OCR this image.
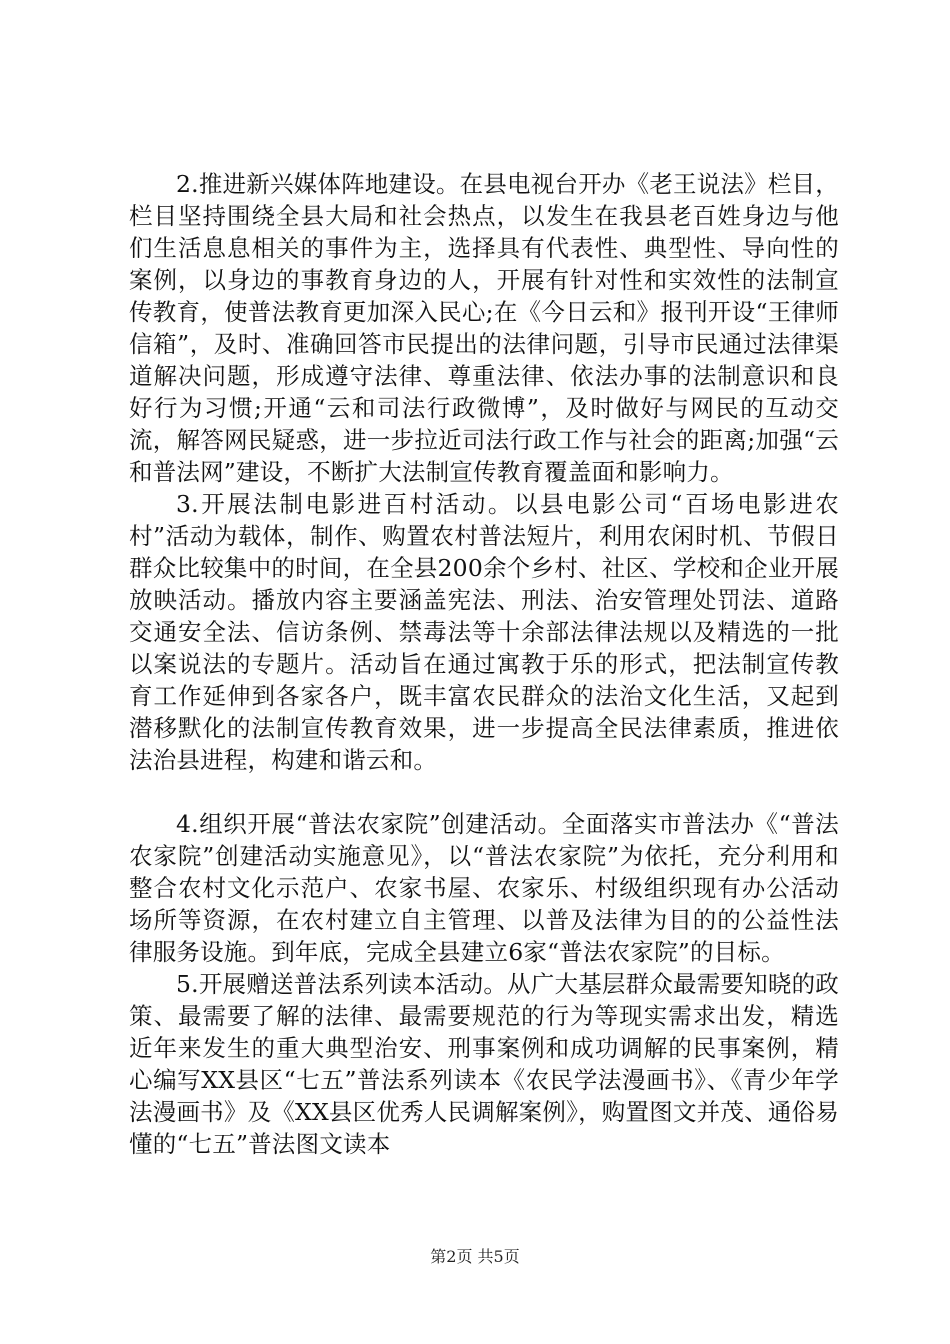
2.推进新兴媒体阵地建设。在县电视台开办《老王说法》栏目，栏目坚持围绕全县大局和社会热点，以发生在我县老百姓身边与他们生活息息相关的事件为主，选择具有代表性、典型性、导向性的案例，以身边的事教育身边的人，开展有针对性和实效性的法制宣传教育，使普法教育更加深入民心;在《今日云和》报刊开设“王律师信箱”，及时、准确回答市民提出的法律问题，引导市民通过法律渠道解决问题，形成遵守法律、尊重法律、依法办事的法制意识和良好行为习惯;开通“云和司法行政微博”，及时做好与网民的互动交流，解答网民疑惑，进一步拉近司法行政工作与社会的距离;加强“云和普法网”建设，不断扩大法制宣传教育覆盖面和影响力。

3.开展法制电影进百村活动。以县电影公司“百场电影进农村”活动为载体，制作、购置农村普法短片，利用农闲时机、节假日群众比较集中的时间，在全县200余个乡村、社区、学校和企业开展放映活动。播放内容主要涵盖宪法、刑法、治安管理处罚法、道路交通安全法、信访条例、禁毒法等十余部法律法规以及精选的一批以案说法的专题片。活动旨在通过寓教于乐的形式，把法制宣传教育工作延伸到各家各户，既丰富农民群众的法治文化生活，又起到潜移默化的法制宣传教育效果，进一步提高全民法律素质，推进依法治县进程，构建和谐云和。

4.组织开展“普法农家院”创建活动。全面落实市普法办《“普法农家院”创建活动实施意见》，以“普法农家院”为依托，充分利用和整合农村文化示范户、农家书屋、农家乐、村级组织现有办公活动场所等资源，在农村建立自主管理、以普及法律为目的的公益性法律服务设施。到年底，完成全县建立6家“普法农家院”的目标。

5.开展赠送普法系列读本活动。从广大基层群众最需要知晓的政策、最需要了解的法律、最需要规范的行为等现实需求出发，精选近年来发生的重大典型治安、刑事案例和成功调解的民事案例，精心编写XX县区“七五”普法系列读本《农民学法漫画书》、《青少年学法漫画书》及《XX县区优秀人民调解案例》，购置图文并茂、通俗易懂的“七五”普法图文读本

第2页 共5页
